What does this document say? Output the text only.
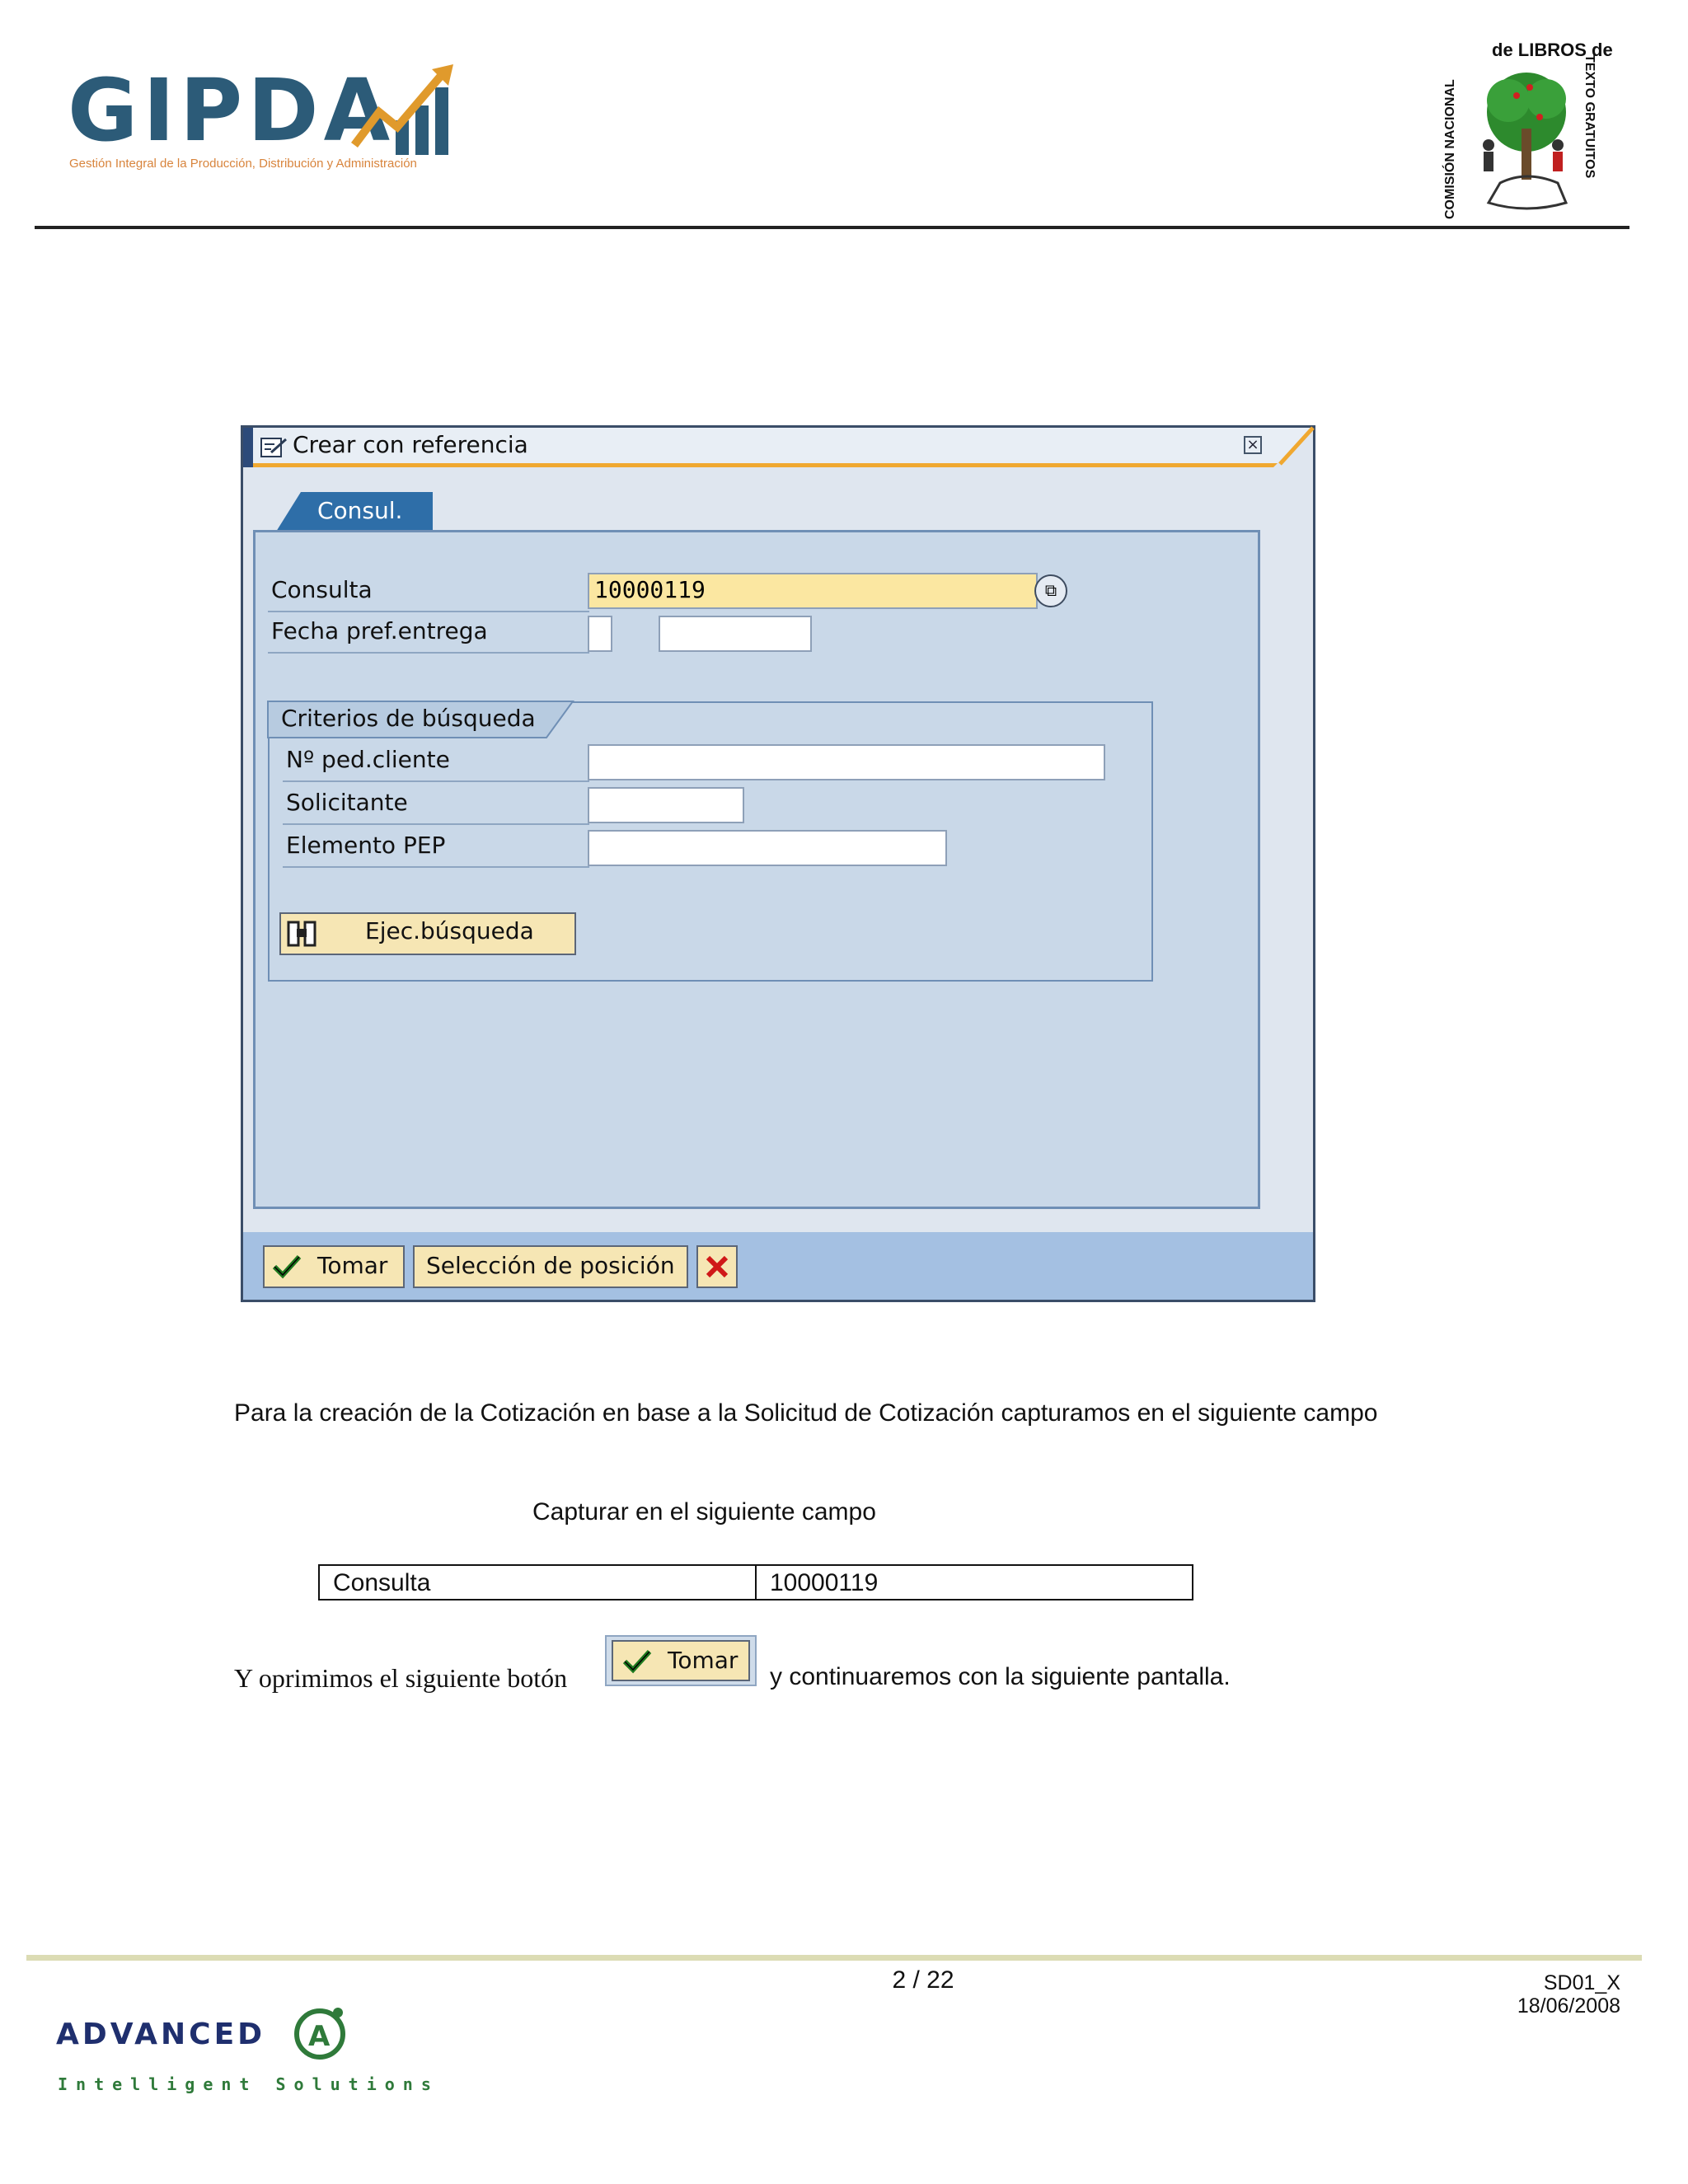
GIPDA
Gestión Integral de la Producción, Distribución y Administración
de LIBROS de
COMISIÓN NACIONAL	TEXTO GRATUITOS
Crear con referencia	×
Consul.
Consulta	10000119	⧉
Fecha pref.entrega
Criterios de búsqueda
Nº ped.cliente
Solicitante
Elemento PEP
Ejec.búsqueda
Tomar Selección de posición
Para la creación de la Cotización en base a la Solicitud de Cotización capturamos en el siguiente campo
Capturar en el siguiente campo
Consulta	10000119
Y oprimimos el siguiente botón
Tomar
y continuaremos con la siguiente pantalla.
2 / 22	SD01_X
18/06/2008
ADVANCED A
Intelligent Solutions
